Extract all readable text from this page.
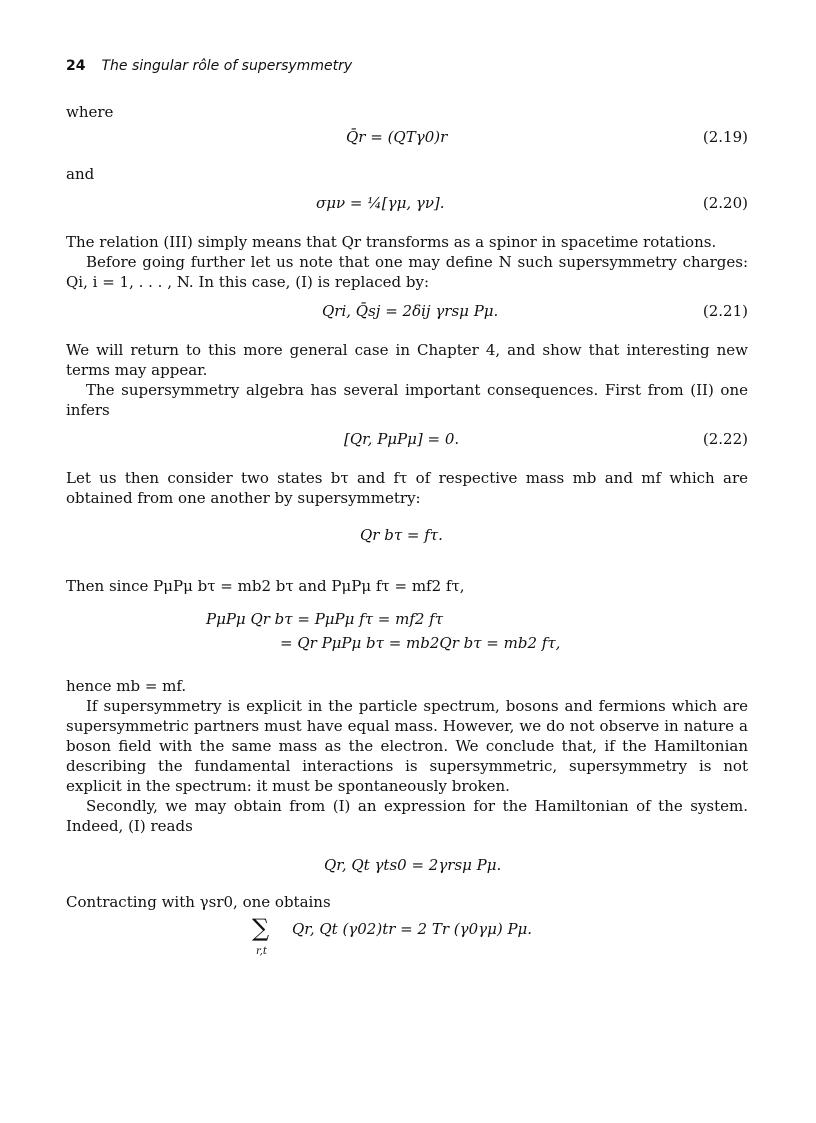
24 The singular rôle of supersymmetry

where

Q̄r = (QTγ0)r	(2.19)

and

σμν = ¼[γμ, γν].	(2.20)

The relation (III) simply means that Qr transforms as a spinor in spacetime rotations.

Before going further let us note that one may define N such supersymmetry charges: Qi, i = 1, . . . , N. In this case, (I) is replaced by:

Qri, Q̄sj = 2δij γrsμ Pμ.	(2.21)

We will return to this more general case in Chapter 4, and show that interesting new terms may appear.

The supersymmetry algebra has several important consequences. First from (II) one infers

[Qr, PμPμ] = 0.	(2.22)

Let us then consider two states bτ and fτ of respective mass mb and mf which are obtained from one another by supersymmetry:

Qr bτ = fτ.

Then since PμPμ bτ = mb2 bτ and PμPμ fτ = mf2 fτ,

PμPμ Qr bτ = PμPμ fτ = mf2 fτ
= Qr PμPμ bτ = mb2Qr bτ = mb2 fτ,

hence mb = mf.

If supersymmetry is explicit in the particle spectrum, bosons and fermions which are supersymmetric partners must have equal mass. However, we do not observe in nature a boson field with the same mass as the electron. We conclude that, if the Hamiltonian describing the fundamental interactions is supersymmetric, supersymmetry is not explicit in the spectrum: it must be spontaneously broken.

Secondly, we may obtain from (I) an expression for the Hamiltonian of the system. Indeed, (I) reads

Qr, Qt γts0 = 2γrsμ Pμ.

Contracting with γsr0, one obtains

∑
r,t
Qr, Qt (γ02)tr = 2 Tr (γ0γμ) Pμ.
